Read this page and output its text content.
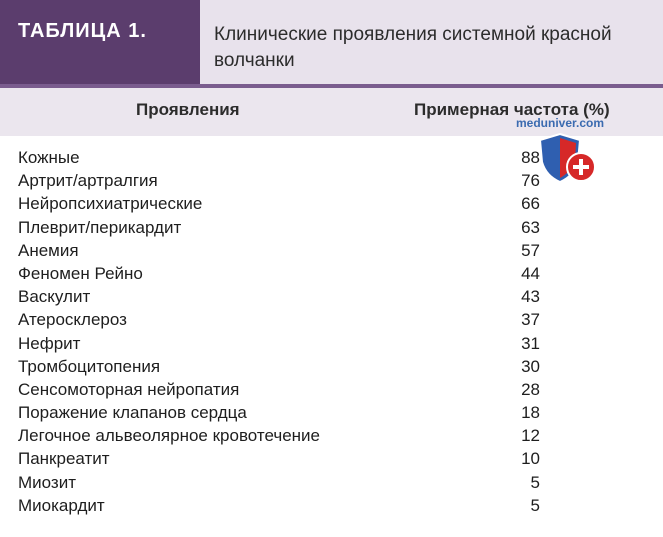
ТАБЛИЦА 1.	Клинические проявления системной красной волчанки
Проявления	Примерная частота (%)
Кожные	88
Артрит/артралгия	76
Нейропсихиатрические	66
Плеврит/перикардит	63
Анемия	57
Феномен Рейно	44
Васкулит	43
Атеросклероз	37
Нефрит	31
Тромбоцитопения	30
Сенсомоторная нейропатия	28
Поражение клапанов сердца	18
Легочное альвеолярное кровотечение	12
Панкреатит	10
Миозит	5
Миокардит	5
meduniver.com
